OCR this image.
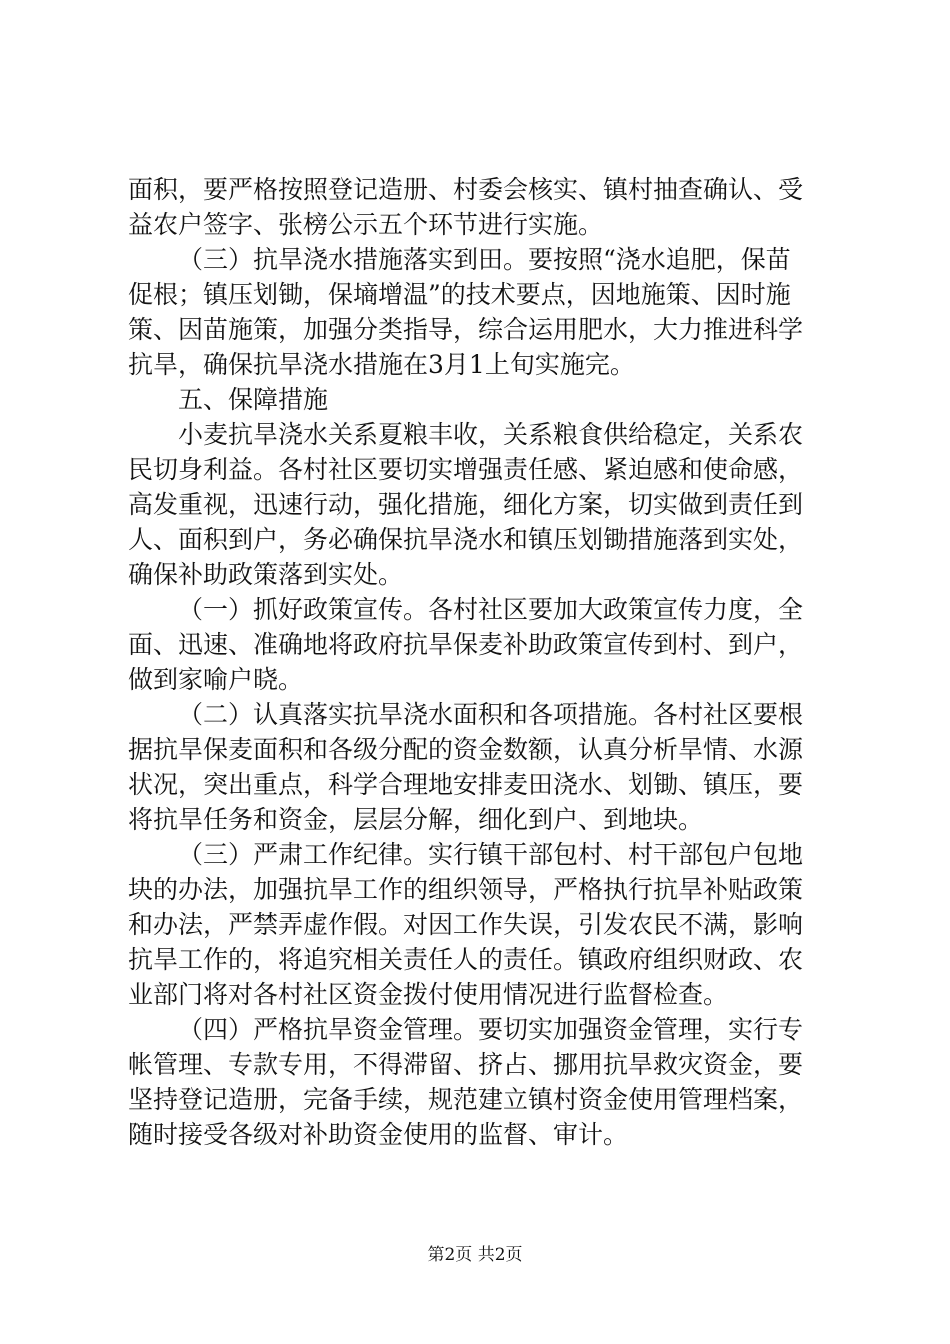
面积，要严格按照登记造册、村委会核实、镇村抽查确认、受
益农户签字、张榜公示五个环节进行实施。
（三）抗旱浇水措施落实到田。要按照“浇水追肥，保苗
促根；镇压划锄，保墒增温”的技术要点，因地施策、因时施
策、因苗施策，加强分类指导，综合运用肥水，大力推进科学
抗旱，确保抗旱浇水措施在3月1上旬实施完。
五、保障措施
小麦抗旱浇水关系夏粮丰收，关系粮食供给稳定，关系农
民切身利益。各村社区要切实增强责任感、紧迫感和使命感，
高发重视，迅速行动，强化措施，细化方案，切实做到责任到
人、面积到户，务必确保抗旱浇水和镇压划锄措施落到实处，
确保补助政策落到实处。
（一）抓好政策宣传。各村社区要加大政策宣传力度，全
面、迅速、准确地将政府抗旱保麦补助政策宣传到村、到户，
做到家喻户晓。
（二）认真落实抗旱浇水面积和各项措施。各村社区要根
据抗旱保麦面积和各级分配的资金数额，认真分析旱情、水源
状况，突出重点，科学合理地安排麦田浇水、划锄、镇压，要
将抗旱任务和资金，层层分解，细化到户、到地块。
（三）严肃工作纪律。实行镇干部包村、村干部包户包地
块的办法，加强抗旱工作的组织领导，严格执行抗旱补贴政策
和办法，严禁弄虚作假。对因工作失误，引发农民不满，影响
抗旱工作的，将追究相关责任人的责任。镇政府组织财政、农
业部门将对各村社区资金拨付使用情况进行监督检查。
（四）严格抗旱资金管理。要切实加强资金管理，实行专
帐管理、专款专用，不得滞留、挤占、挪用抗旱救灾资金，要
坚持登记造册，完备手续，规范建立镇村资金使用管理档案，
随时接受各级对补助资金使用的监督、审计。
第2页 共2页
